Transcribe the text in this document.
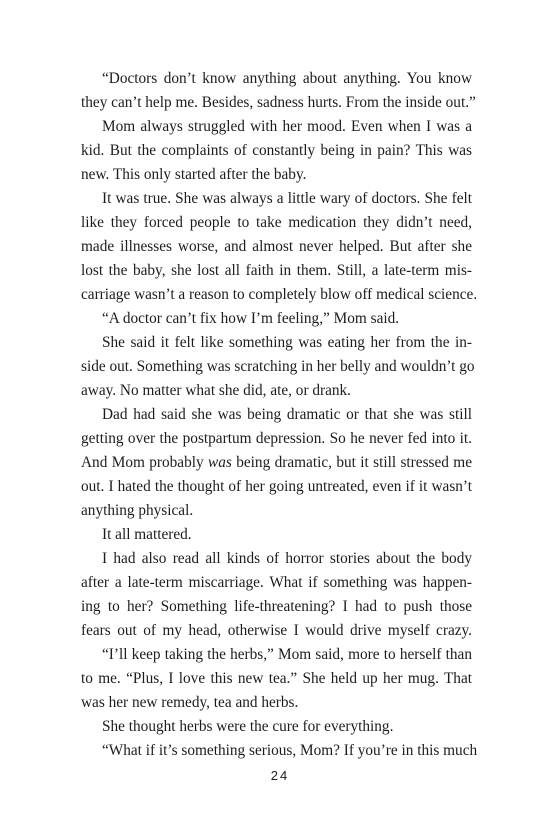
“Doctors don’t know anything about anything. You know
they can’t help me. Besides, sadness hurts. From the inside out.”
Mom always struggled with her mood. Even when I was a
kid. But the complaints of constantly being in pain? This was
new. This only started after the baby.
It was true. She was always a little wary of doctors. She felt
like they forced people to take medication they didn’t need,
made illnesses worse, and almost never helped. But after she
lost the baby, she lost all faith in them. Still, a late-term mis-
carriage wasn’t a reason to completely blow off medical science.
“A doctor can’t fix how I’m feeling,” Mom said.
She said it felt like something was eating her from the in-
side out. Something was scratching in her belly and wouldn’t go
away. No matter what she did, ate, or drank.
Dad had said she was being dramatic or that she was still
getting over the postpartum depression. So he never fed into it.
And Mom probably was being dramatic, but it still stressed me
out. I hated the thought of her going untreated, even if it wasn’t
anything physical.
It all mattered.
I had also read all kinds of horror stories about the body
after a late-term miscarriage. What if something was happen-
ing to her? Something life-threatening? I had to push those
fears out of my head, otherwise I would drive myself crazy.
“I’ll keep taking the herbs,” Mom said, more to herself than
to me. “Plus, I love this new tea.” She held up her mug. That
was her new remedy, tea and herbs.
She thought herbs were the cure for everything.
“What if it’s something serious, Mom? If you’re in this much
24
